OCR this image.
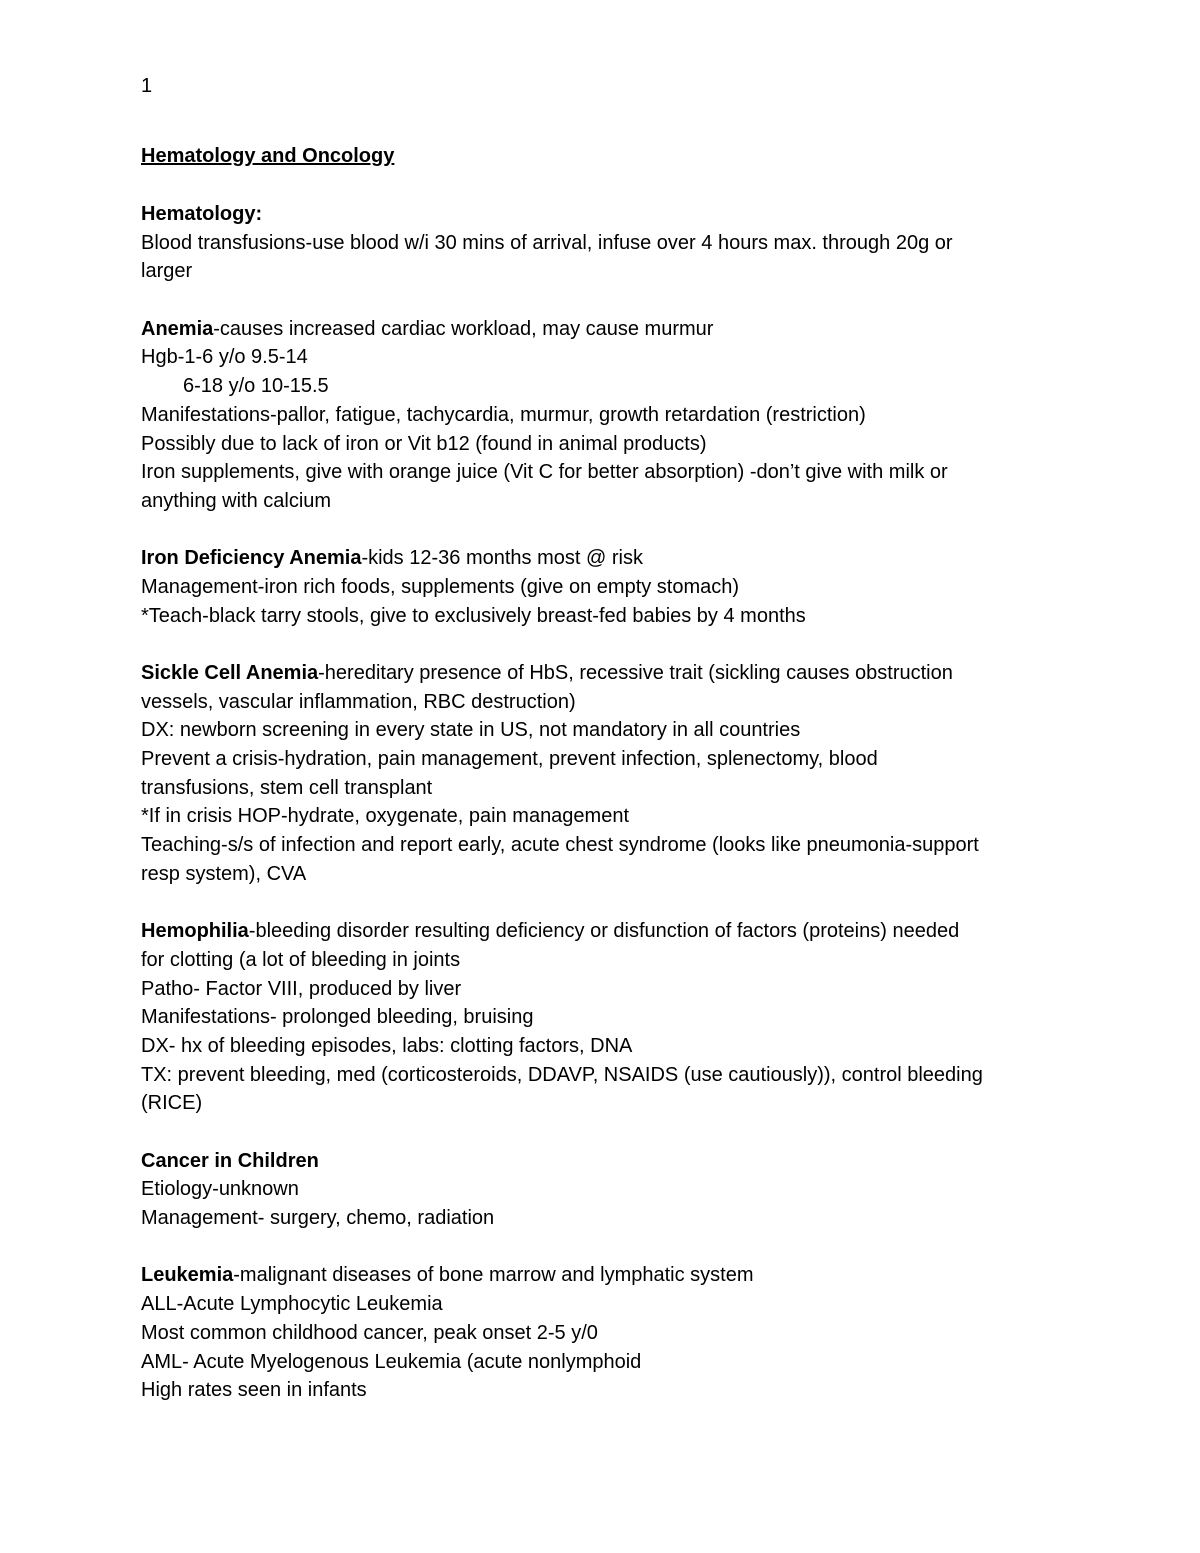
1
Hematology and Oncology
Hematology:
Blood transfusions-use blood w/i 30 mins of arrival, infuse over 4 hours max. through 20g or
larger
Anemia-causes increased cardiac workload, may cause murmur
Hgb-1-6 y/o 9.5-14
6-18 y/o 10-15.5
Manifestations-pallor, fatigue, tachycardia, murmur, growth retardation (restriction)
Possibly due to lack of iron or Vit b12 (found in animal products)
Iron supplements, give with orange juice (Vit C for better absorption) -don’t give with milk or
anything with calcium
Iron Deficiency Anemia-kids 12-36 months most @ risk
Management-iron rich foods, supplements (give on empty stomach)
*Teach-black tarry stools, give to exclusively breast-fed babies by 4 months
Sickle Cell Anemia-hereditary presence of HbS, recessive trait (sickling causes obstruction
vessels, vascular inflammation, RBC destruction)
DX: newborn screening in every state in US, not mandatory in all countries
Prevent a crisis-hydration, pain management, prevent infection, splenectomy, blood
transfusions, stem cell transplant
*If in crisis HOP-hydrate, oxygenate, pain management
Teaching-s/s of infection and report early, acute chest syndrome (looks like pneumonia-support
resp system), CVA
Hemophilia-bleeding disorder resulting deficiency or disfunction of factors (proteins) needed
for clotting (a lot of bleeding in joints
Patho- Factor VIII, produced by liver
Manifestations- prolonged bleeding, bruising
DX- hx of bleeding episodes, labs: clotting factors, DNA
TX: prevent bleeding, med (corticosteroids, DDAVP, NSAIDS (use cautiously)), control bleeding
(RICE)
Cancer in Children
Etiology-unknown
Management- surgery, chemo, radiation
Leukemia-malignant diseases of bone marrow and lymphatic system
ALL-Acute Lymphocytic Leukemia
Most common childhood cancer, peak onset 2-5 y/0
AML- Acute Myelogenous Leukemia (acute nonlymphoid
High rates seen in infants
